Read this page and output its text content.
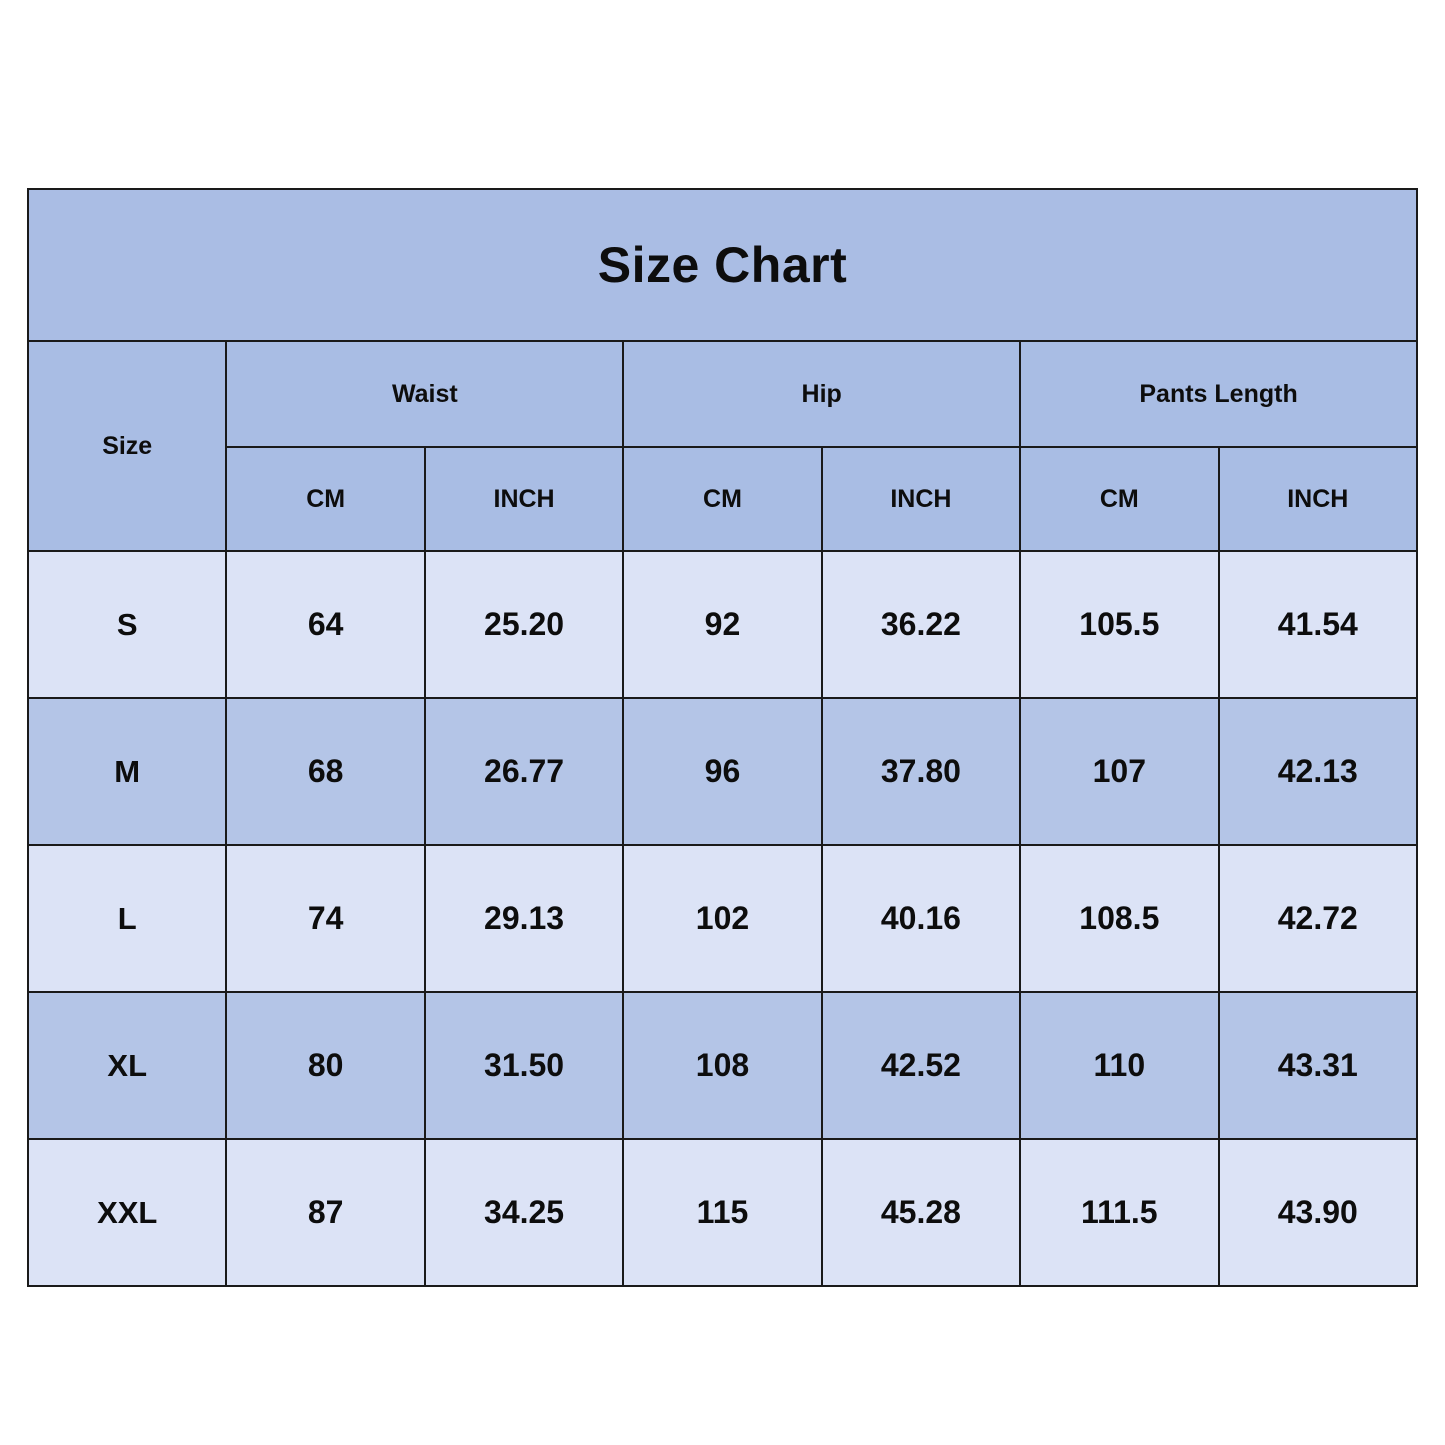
Size Chart						
Size	Waist		Hip		Pants Length	
	CM	INCH	CM	INCH	CM	INCH
S	64	25.20	92	36.22	105.5	41.54
M	68	26.77	96	37.80	107	42.13
L	74	29.13	102	40.16	108.5	42.72
XL	80	31.50	108	42.52	110	43.31
XXL	87	34.25	115	45.28	111.5	43.90
